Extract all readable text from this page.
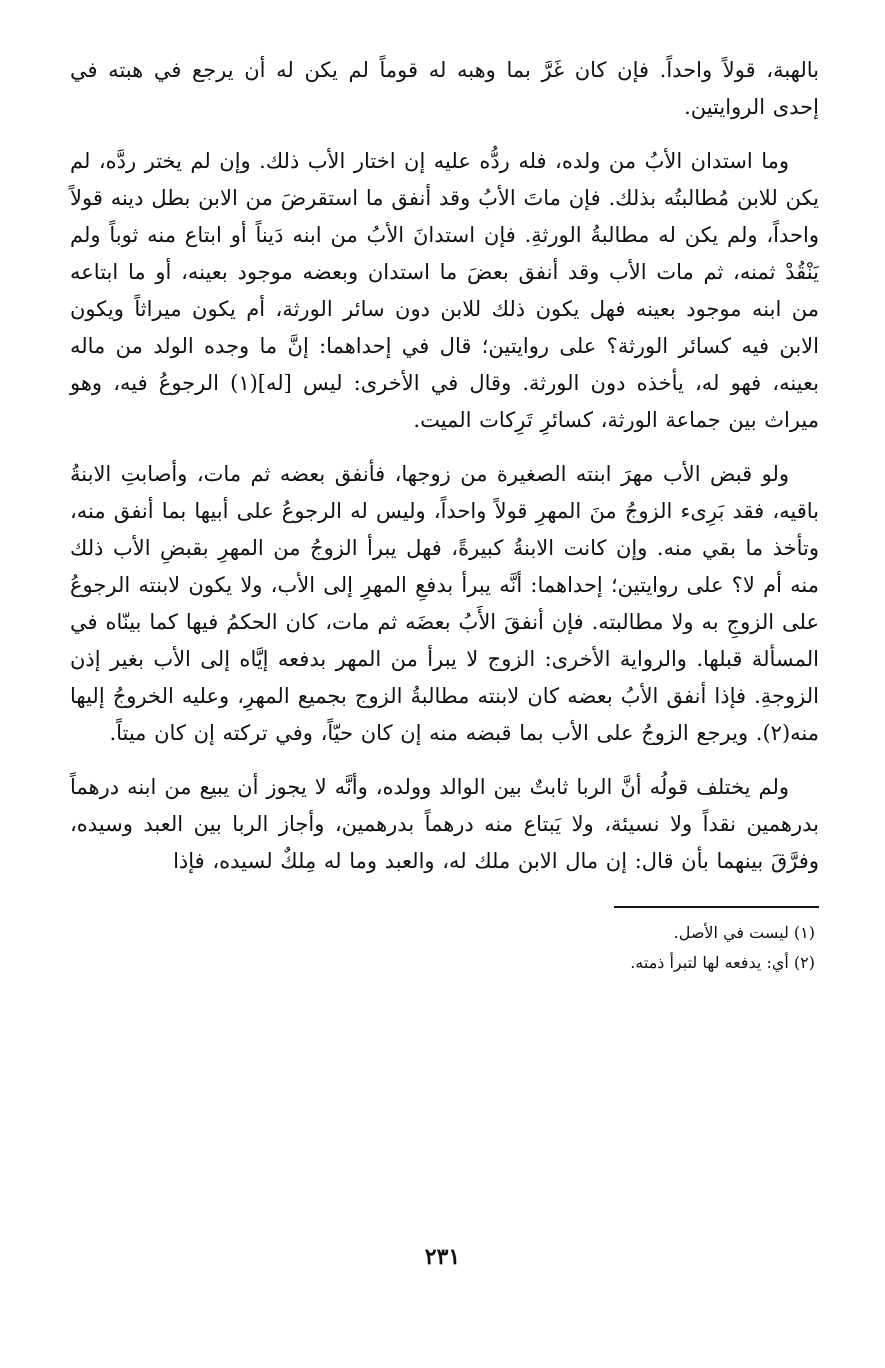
بالهبة، قولاً واحداً. فإن كان غَرَّ بما وهبه له قوماً لم يكن له أن يرجع في هبته في إحدى الروايتين.

وما استدان الأبُ من ولده، فله ردُّه عليه إن اختار الأب ذلك. وإن لم يختر ردَّه، لم يكن للابن مُطالبتُه بذلك. فإن ماتَ الأبُ وقد أنفق ما استقرضَ من الابن بطل دينه قولاً واحداً، ولم يكن له مطالبةُ الورثةِ. فإن استدانَ الأبُ من ابنه دَيناً أو ابتاع منه ثوباً ولم يَنْقُدْ ثمنه، ثم مات الأب وقد أنفق بعضَ ما استدان وبعضه موجود بعينه، أو ما ابتاعه من ابنه موجود بعينه فهل يكون ذلك للابن دون سائر الورثة، أم يكون ميراثاً ويكون الابن فيه كسائر الورثة؟ على روايتين؛ قال في إحداهما: إنَّ ما وجده الولد من ماله بعينه، فهو له، يأخذه دون الورثة. وقال في الأخرى: ليس [له](١) الرجوعُ فيه، وهو ميراث بين جماعة الورثة، كسائرِ تَرِكات الميت.

ولو قبض الأب مهرَ ابنته الصغيرة من زوجها، فأنفق بعضه ثم مات، وأصابتِ الابنةُ باقيه، فقد بَرِىء الزوجُ منَ المهرِ قولاً واحداً، وليس له الرجوعُ على أبيها بما أنفق منه، وتأخذ ما بقي منه. وإن كانت الابنةُ كبيرةً، فهل يبرأ الزوجُ من المهرِ بقبضِ الأب ذلك منه أم لا؟ على روايتين؛ إحداهما: أنَّه يبرأ بدفعِ المهرِ إلى الأب، ولا يكون لابنته الرجوعُ على الزوجِ به ولا مطالبته. فإن أنفقَ الأَبُ بعضَه ثم مات، كان الحكمُ فيها كما بينّاه في المسألة قبلها. والرواية الأخرى: الزوج لا يبرأ من المهر بدفعه إيَّاه إلى الأب بغير إذن الزوجةِ. فإذا أنفق الأبُ بعضه كان لابنته مطالبةُ الزوج بجميع المهرِ، وعليه الخروجُ إليها منه(٢). ويرجع الزوجُ على الأب بما قبضه منه إن كان حيّاً، وفي تركته إن كان ميتاً.

ولم يختلف قولُه أنَّ الربا ثابتٌ بين الوالد وولده، وأنَّه لا يجوز أن يبيع من ابنه درهماً بدرهمين نقداً ولا نسيئة، ولا يَبتاع منه درهماً بدرهمين، وأجاز الربا بين العبد وسيده، وفرَّقَ بينهما بأن قال: إن مال الابن ملك له، والعبد وما له مِلكٌ لسيده، فإذا

(١) ليست في الأصل.

(٢) أي: يدفعه لها لتبرأ ذمته.

٢٣١
